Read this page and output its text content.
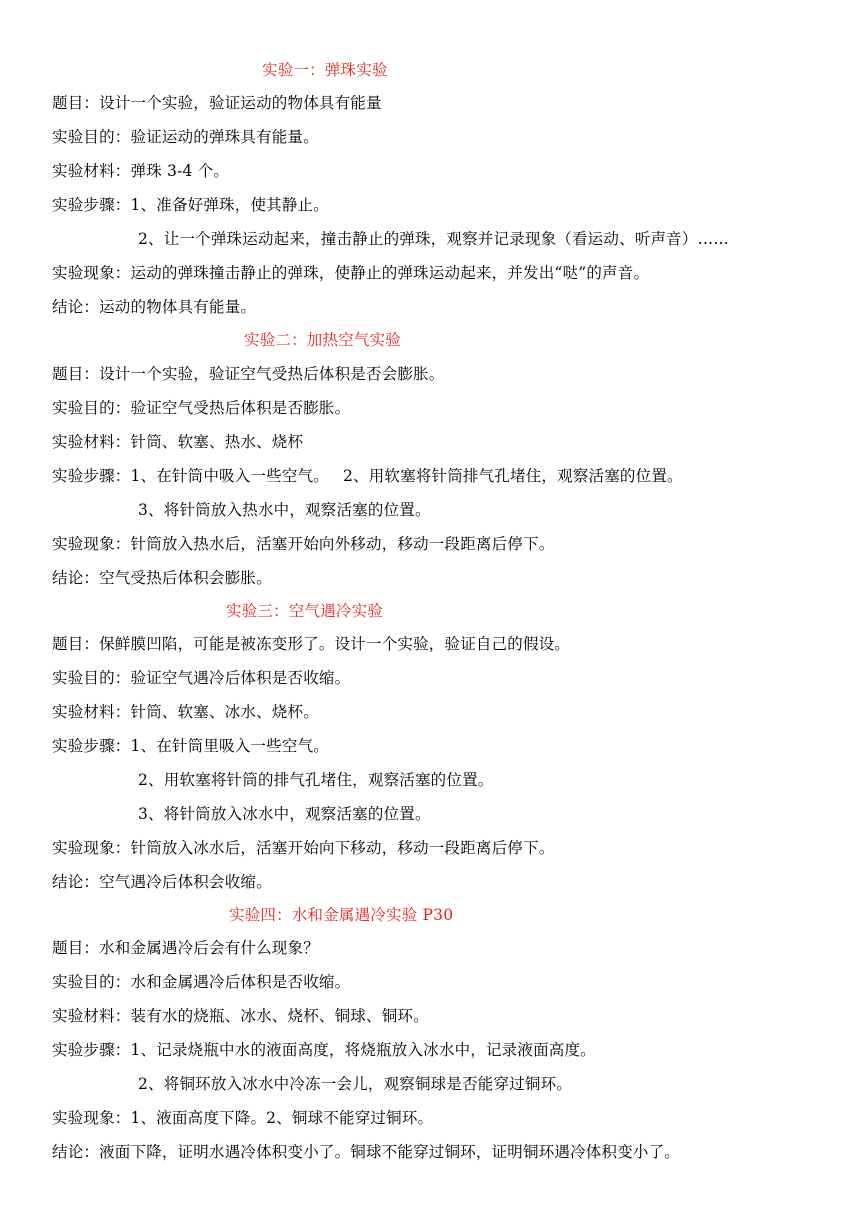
实验一：弹珠实验
题目：设计一个实验，验证运动的物体具有能量
实验目的：验证运动的弹珠具有能量。
实验材料：弹珠 3-4 个。
实验步骤：1、准备好弹珠，使其静止。
2、让一个弹珠运动起来，撞击静止的弹珠，观察并记录现象（看运动、听声音）……
实验现象：运动的弹珠撞击静止的弹珠，使静止的弹珠运动起来，并发出“哒”的声音。
结论：运动的物体具有能量。
实验二：加热空气实验
题目：设计一个实验，验证空气受热后体积是否会膨胀。
实验目的：验证空气受热后体积是否膨胀。
实验材料：针筒、软塞、热水、烧杯
实验步骤：1、在针筒中吸入一些空气。 2、用软塞将针筒排气孔堵住，观察活塞的位置。
3、将针筒放入热水中，观察活塞的位置。
实验现象：针筒放入热水后，活塞开始向外移动，移动一段距离后停下。
结论：空气受热后体积会膨胀。
实验三：空气遇冷实验
题目：保鲜膜凹陷，可能是被冻变形了。设计一个实验，验证自己的假设。
实验目的：验证空气遇冷后体积是否收缩。
实验材料：针筒、软塞、冰水、烧杯。
实验步骤：1、在针筒里吸入一些空气。
2、用软塞将针筒的排气孔堵住，观察活塞的位置。
3、将针筒放入冰水中，观察活塞的位置。
实验现象：针筒放入冰水后，活塞开始向下移动，移动一段距离后停下。
结论：空气遇冷后体积会收缩。
实验四：水和金属遇冷实验 P30
题目：水和金属遇冷后会有什么现象？
实验目的：水和金属遇冷后体积是否收缩。
实验材料：装有水的烧瓶、冰水、烧杯、铜球、铜环。
实验步骤：1、记录烧瓶中水的液面高度，将烧瓶放入冰水中，记录液面高度。
2、将铜环放入冰水中冷冻一会儿，观察铜球是否能穿过铜环。
实验现象：1、液面高度下降。2、铜球不能穿过铜环。
结论：液面下降，证明水遇冷体积变小了。铜球不能穿过铜环，证明铜环遇冷体积变小了。
